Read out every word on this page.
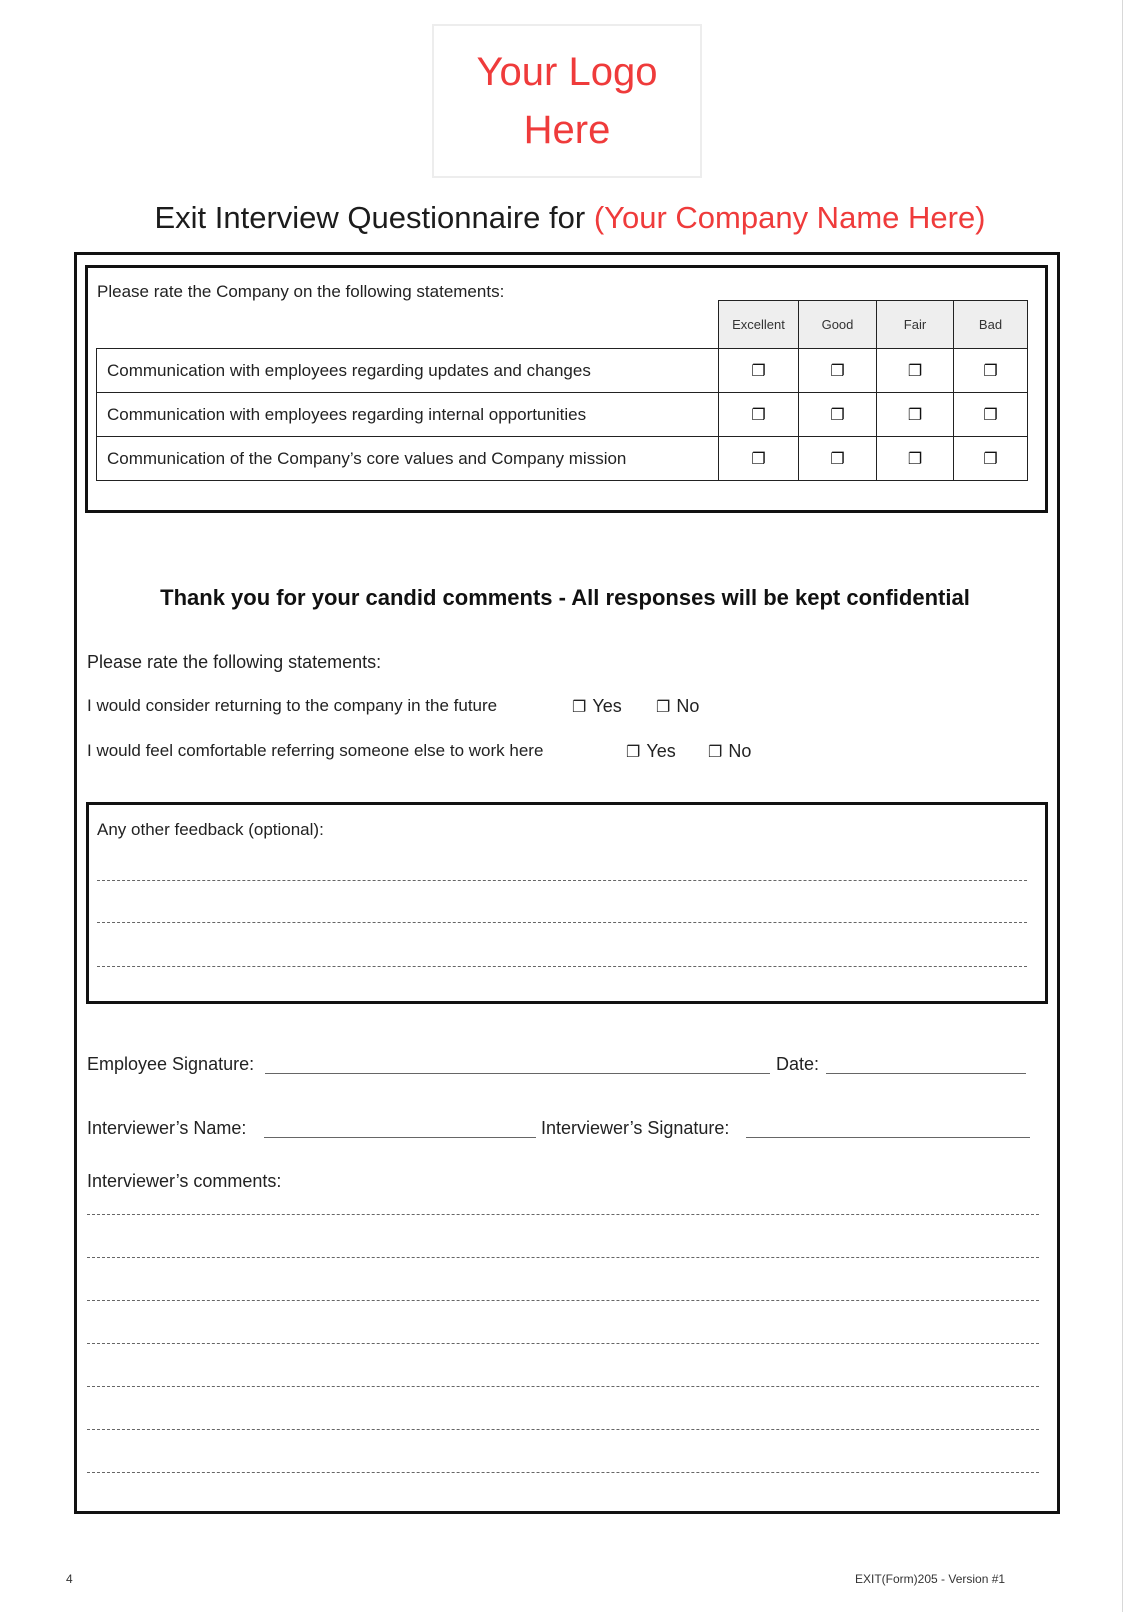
Your Logo
Here
Exit Interview Questionnaire for (Your Company Name Here)
Please rate the Company on the following statements:
	Excellent	Good	Fair	Bad
Communication with employees regarding updates and changes	❐	❐	❐	❐
Communication with employees regarding internal opportunities	❐	❐	❐	❐
Communication of the Company’s core values and Company mission	❐	❐	❐	❐
Thank you for your candid comments - All responses will be kept confidential
Please rate the following statements:
I would consider returning to the company in the future	❐ Yes ❐ No
I would feel comfortable referring someone else to work here	❐ Yes ❐ No
Any other feedback (optional):
Employee Signature:	Date:
Interviewer’s Name:	Interviewer’s Signature:
Interviewer’s comments:
4	EXIT(Form)205 - Version #1
